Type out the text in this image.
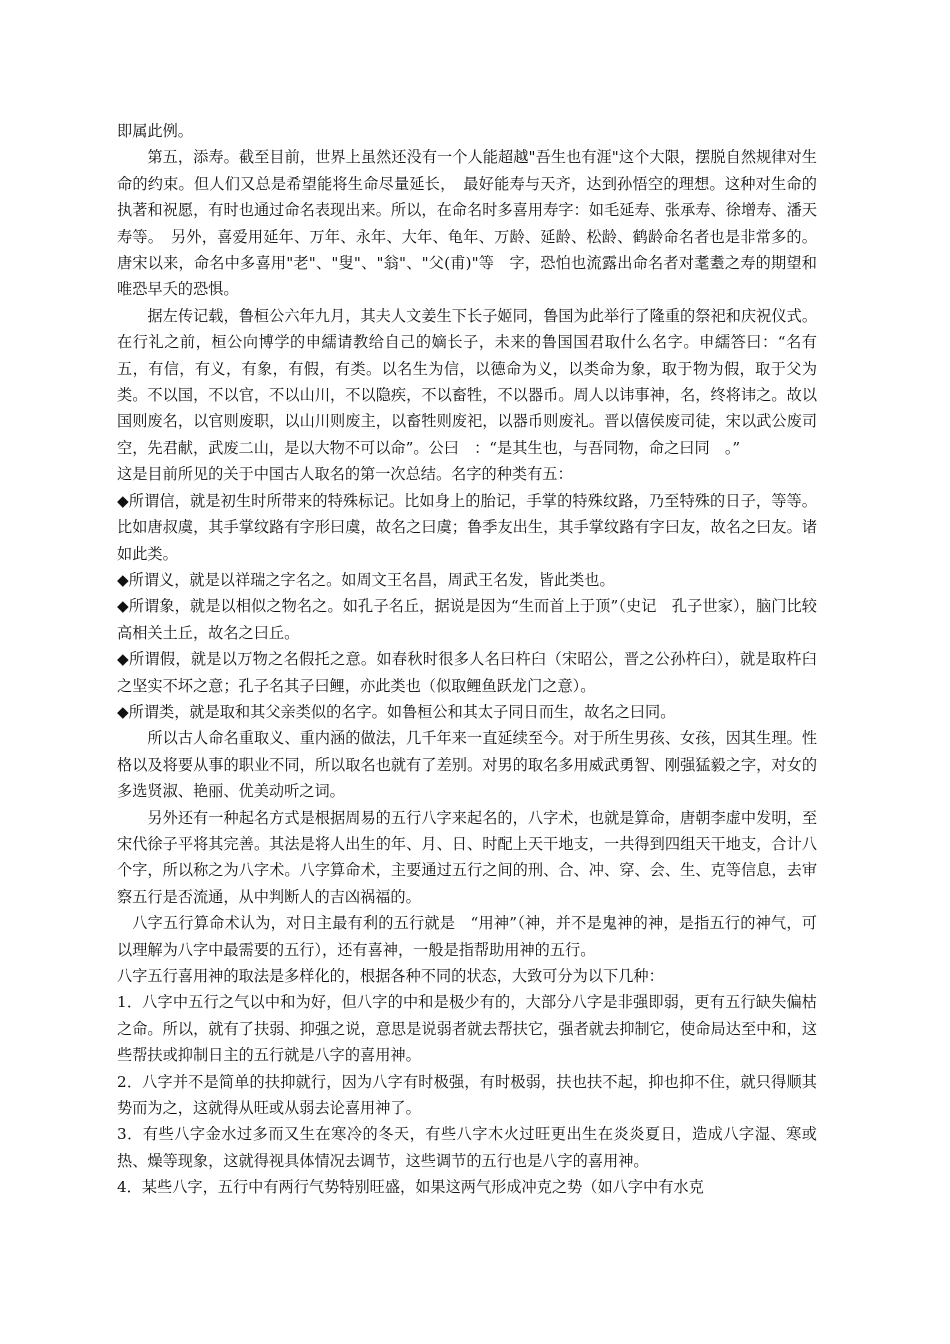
即属此例。

第五，添寿。截至目前，世界上虽然还没有一个人能超越"吾生也有涯"这个大限，摆脱自然规律对生命的约束。但人们又总是希望能将生命尽量延长，　最好能寿与天齐，达到孙悟空的理想。这种对生命的执著和祝愿，有时也通过命名表现出来。所以，在命名时多喜用寿字：如毛延寿、张承寿、徐增寿、潘天寿等。　另外，喜爱用延年、万年、永年、大年、龟年、万龄、延龄、松龄、鹤龄命名者也是非常多的。唐宋以来，命名中多喜用"老"、"叟"、"翁"、"父(甫)"等　字，恐怕也流露出命名者对耄耋之寿的期望和唯恐早夭的恐惧。

据左传记载，鲁桓公六年九月，其夫人文姜生下长子姬同，鲁国为此举行了隆重的祭祀和庆祝仪式。在行礼之前，桓公向博学的申繻请教给自己的嫡长子，未来的鲁国国君取什么名字。申繻答曰：“名有五，有信，有义，有象，有假，有类。以名生为信，以德命为义，以类命为象，取于物为假，取于父为类。不以国，不以官，不以山川，不以隐疾，不以畜牲，不以器币。周人以讳事神，名，终将讳之。故以国则废名，以官则废职，以山川则废主，以畜牲则废祀，以器币则废礼。晋以僖侯废司徒，宋以武公废司空，先君献，武废二山，是以大物不可以命”。公曰　：“是其生也，与吾同物，命之曰同　。”

这是目前所见的关于中国古人取名的第一次总结。名字的种类有五：

◆所谓信，就是初生时所带来的特殊标记。比如身上的胎记，手掌的特殊纹路，乃至特殊的日子，等等。比如唐叔虞，其手掌纹路有字形曰虞，故名之曰虞；鲁季友出生，其手掌纹路有字曰友，故名之曰友。诸如此类。

◆所谓义，就是以祥瑞之字名之。如周文王名昌，周武王名发，皆此类也。

◆所谓象，就是以相似之物名之。如孔子名丘，据说是因为“生而首上于顶”（史记　孔子世家），脑门比较高相关土丘，故名之曰丘。

◆所谓假，就是以万物之名假托之意。如春秋时很多人名曰杵臼（宋昭公，晋之公孙杵臼），就是取杵臼之坚实不坏之意；孔子名其子曰鲤，亦此类也（似取鲤鱼跃龙门之意）。

◆所谓类，就是取和其父亲类似的名字。如鲁桓公和其太子同日而生，故名之曰同。

所以古人命名重取义、重内涵的做法，几千年来一直延续至今。对于所生男孩、女孩，因其生理。性格以及将要从事的职业不同，所以取名也就有了差别。对男的取名多用威武勇智、刚强猛毅之字，对女的多选贤淑、艳丽、优美动听之词。

另外还有一种起名方式是根据周易的五行八字来起名的，八字术，也就是算命，唐朝李虚中发明，至宋代徐子平将其完善。其法是将人出生的年、月、日、时配上天干地支，一共得到四组天干地支，合计八个字，所以称之为八字术。八字算命术，主要通过五行之间的刑、合、冲、穿、会、生、克等信息，去审察五行是否流通，从中判断人的吉凶祸福的。

八字五行算命术认为，对日主最有利的五行就是　“用神”（神，并不是鬼神的神，是指五行的神气，可以理解为八字中最需要的五行），还有喜神，一般是指帮助用神的五行。

八字五行喜用神的取法是多样化的，根据各种不同的状态，大致可分为以下几种：

1．八字中五行之气以中和为好，但八字的中和是极少有的，大部分八字是非强即弱，更有五行缺失偏枯之命。所以，就有了扶弱、抑强之说，意思是说弱者就去帮扶它，强者就去抑制它，使命局达至中和，这些帮扶或抑制日主的五行就是八字的喜用神。

2．八字并不是简单的扶抑就行，因为八字有时极强，有时极弱，扶也扶不起，抑也抑不住，就只得顺其势而为之，这就得从旺或从弱去论喜用神了。

3．有些八字金水过多而又生在寒冷的冬天，有些八字木火过旺更出生在炎炎夏日，造成八字湿、寒或热、燥等现象，这就得视具体情况去调节，这些调节的五行也是八字的喜用神。

4．某些八字，五行中有两行气势特别旺盛，如果这两气形成冲克之势（如八字中有水克
